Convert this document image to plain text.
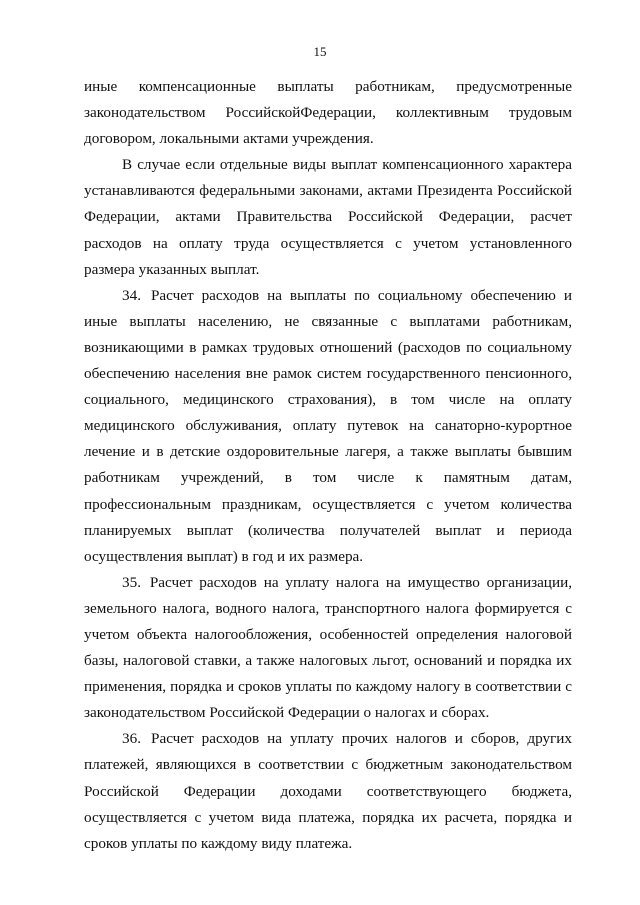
15

иные компенсационные выплаты работникам, предусмотренные законодательством РоссийскойФедерации, коллективным трудовым договором, локальными актами учреждения.

В случае если отдельные виды выплат компенсационного характера устанавливаются федеральными законами, актами Президента Российской Федерации, актами Правительства Российской Федерации, расчет расходов на оплату труда осуществляется с учетом установленного размера указанных выплат.

34. Расчет расходов на выплаты по социальному обеспечению и иные выплаты населению, не связанные с выплатами работникам, возникающими в рамках трудовых отношений (расходов по социальному обеспечению населения вне рамок систем государственного пенсионного, социального, медицинского страхования), в том числе на оплату медицинского обслуживания, оплату путевок на санаторно-курортное лечение и в детские оздоровительные лагеря, а также выплаты бывшим работникам учреждений, в том числе к памятным датам, профессиональным праздникам, осуществляется с учетом количества планируемых выплат (количества получателей выплат и периода осуществления выплат) в год и их размера.

35. Расчет расходов на уплату налога на имущество организации, земельного налога, водного налога, транспортного налога формируется с учетом объекта налогообложения, особенностей определения налоговой базы, налоговой ставки, а также налоговых льгот, оснований и порядка их применения, порядка и сроков уплаты по каждому налогу в соответствии с законодательством Российской Федерации о налогах и сборах.

36. Расчет расходов на уплату прочих налогов и сборов, других платежей, являющихся в соответствии с бюджетным законодательством Российской Федерации доходами соответствующего бюджета, осуществляется с учетом вида платежа, порядка их расчета, порядка и сроков уплаты по каждому виду платежа.
